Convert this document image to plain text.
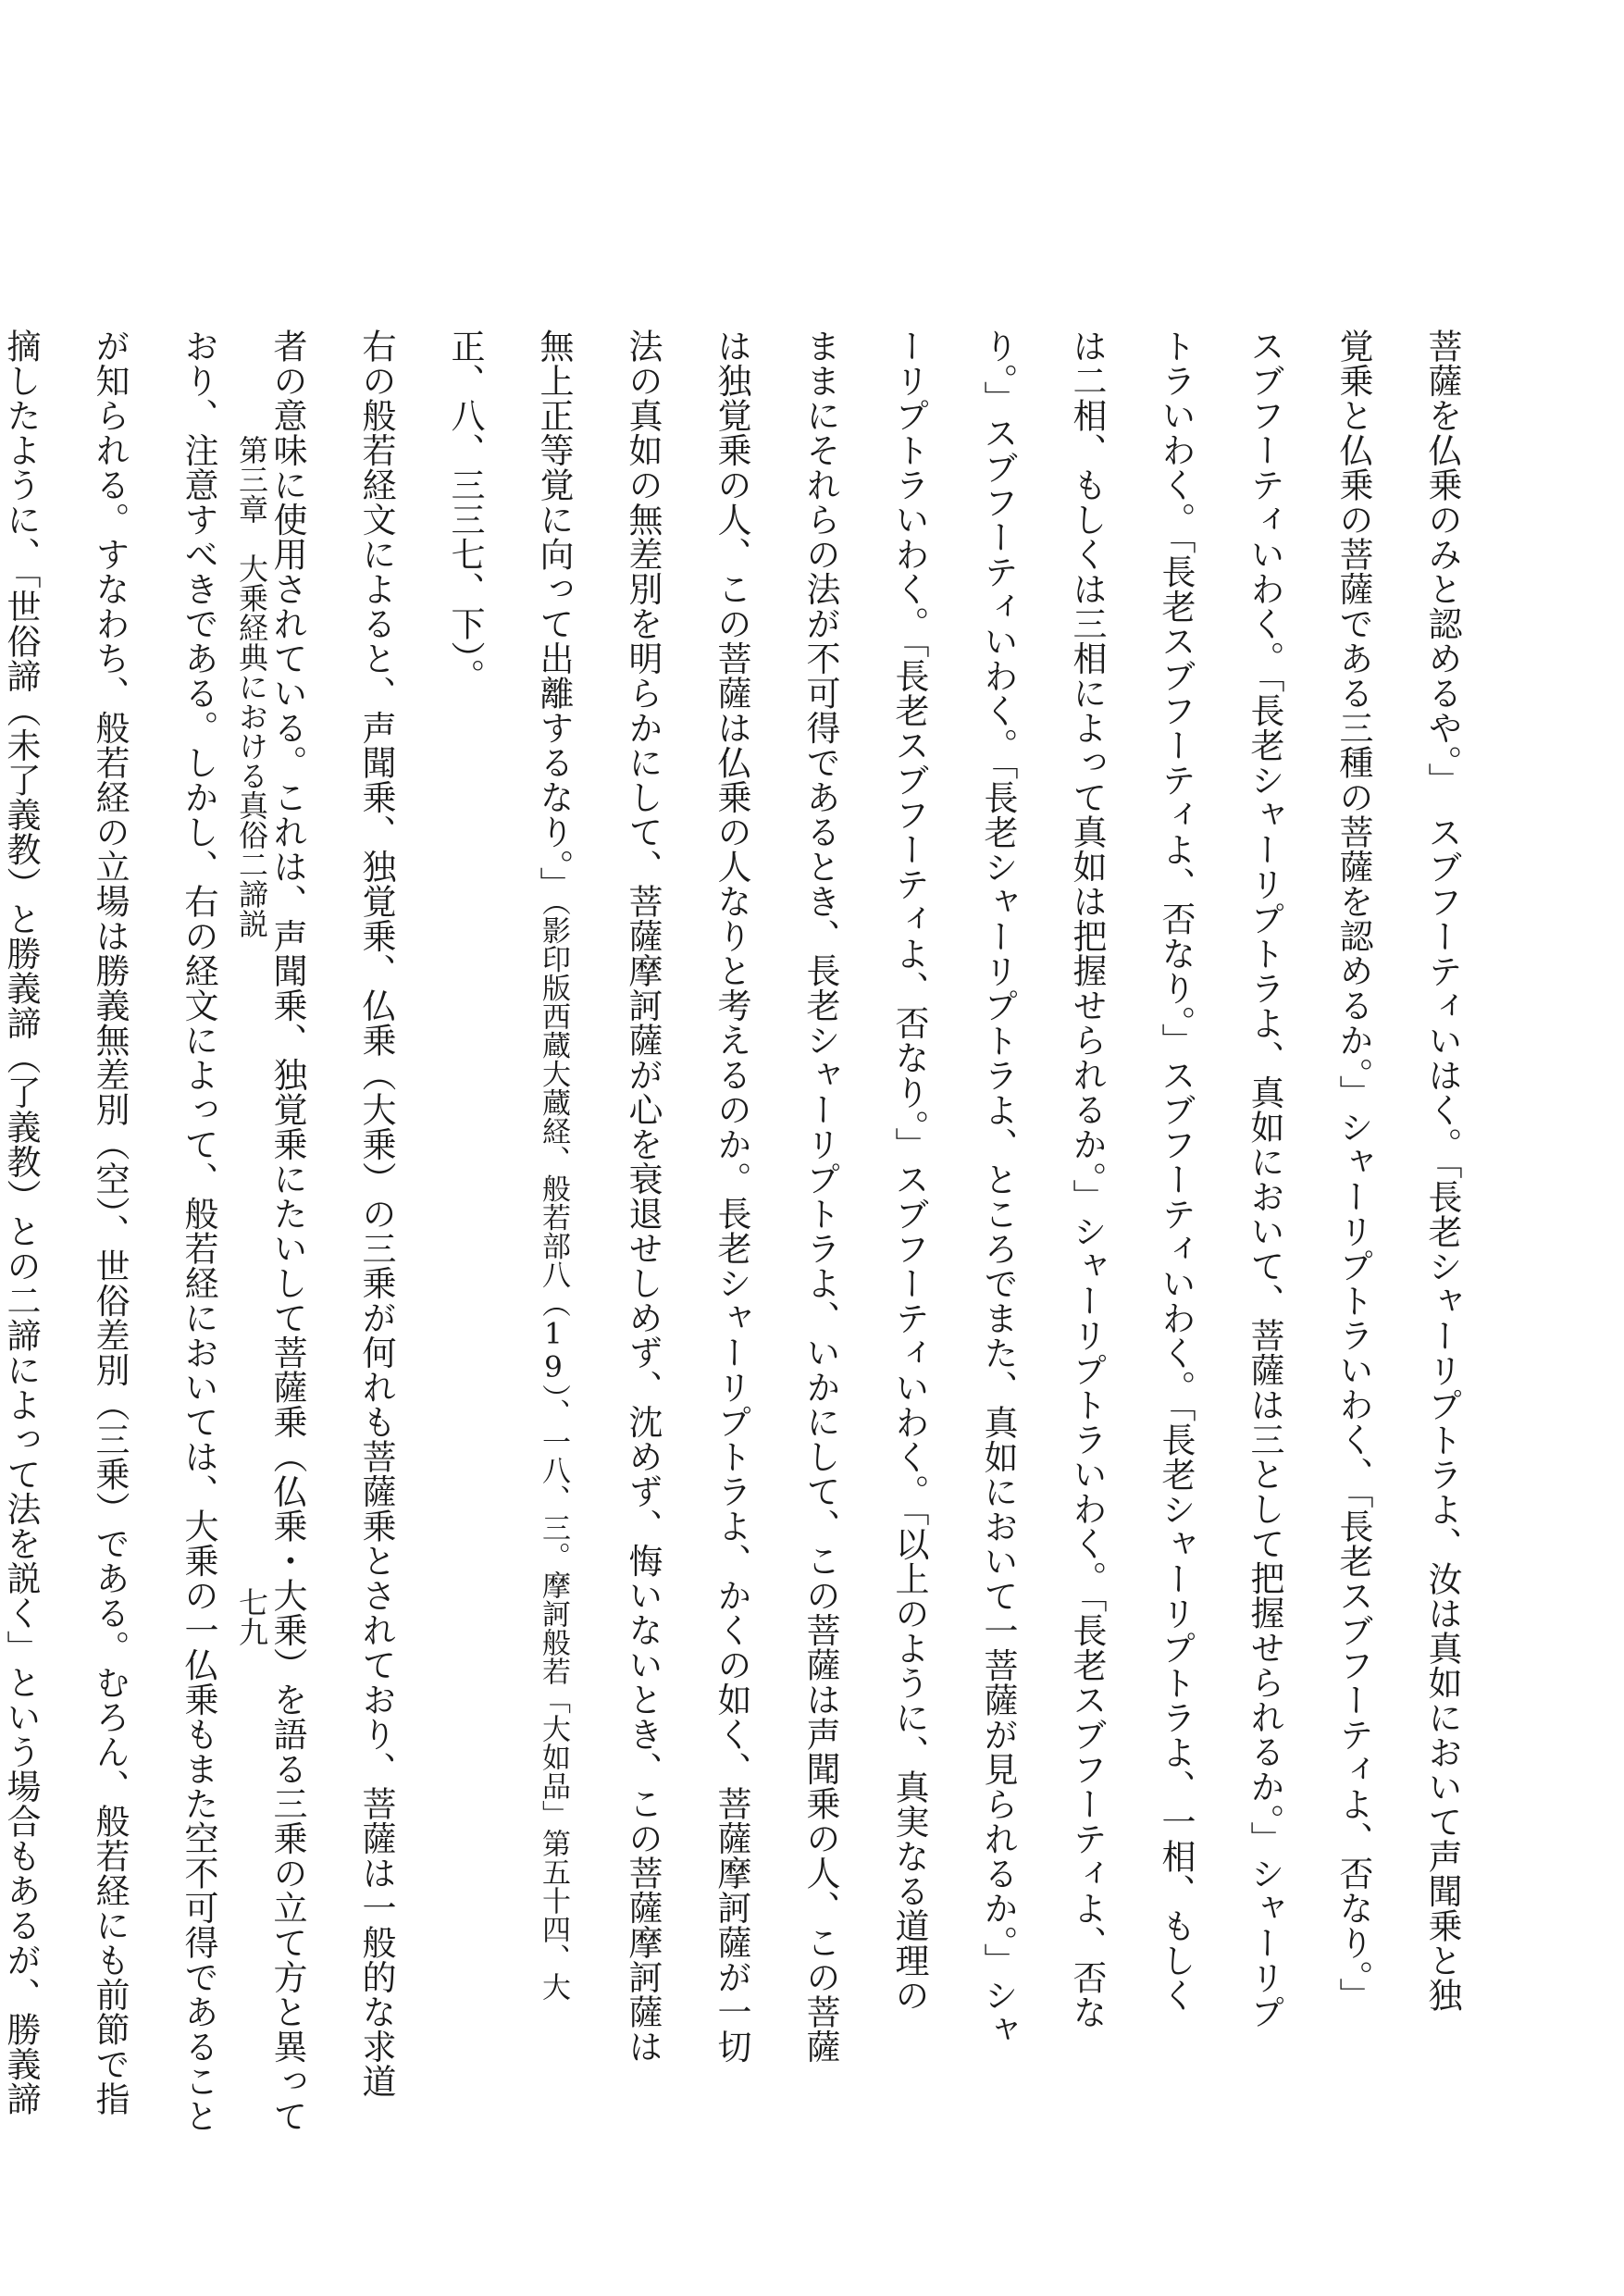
菩薩を仏乗のみと認めるや。」　スブフーティいはく。「長老シャーリプトラよ、汝は真如において声聞乗と独

覚乗と仏乗の菩薩である三種の菩薩を認めるか。」シャーリプトラいわく、「長老スブフーティよ、否なり。」

スブフーティいわく。「長老シャーリプトラよ、真如において、菩薩は三として把握せられるか。」シャーリプ

トラいわく。「長老スブフーティよ、否なり。」スブフーティいわく。「長老シャーリプトラよ、一相、もしく

は二相、もしくは三相によって真如は把握せられるか。」シャーリプトラいわく。「長老スブフーティよ、否な

り。」スブフーティいわく。「長老シャーリプトラよ、ところでまた、真如において一菩薩が見られるか。」シャ

ーリプトラいわく。「長老スブフーティよ、否なり。」スブフーティいわく。「以上のように、真実なる道理の

ままにそれらの法が不可得であるとき、長老シャーリプトラよ、いかにして、この菩薩は声聞乗の人、この菩薩

は独覚乗の人、この菩薩は仏乗の人なりと考えるのか。長老シャーリプトラよ、かくの如く、菩薩摩訶薩が一切

法の真如の無差別を明らかにして、菩薩摩訶薩が心を衰退せしめず、沈めず、悔いないとき、この菩薩摩訶薩は

無上正等覚に向って出離するなり。」（影印版西蔵大蔵経、般若部八（19）、一八、三。摩訶般若「大如品」第五十四、大

正、八、三三七、下）。

右の般若経文によると、声聞乗、独覚乗、仏乗（大乗）の三乗が何れも菩薩乗とされており、菩薩は一般的な求道

者の意味に使用されている。これは、声聞乗、独覚乗にたいして菩薩乗（仏乗・大乗）を語る三乗の立て方と異って

おり、注意すべきである。しかし、右の経文によって、般若経においては、大乗の一仏乗もまた空不可得であること

が知られる。すなわち、般若経の立場は勝義無差別（空）、世俗差別（三乗）である。むろん、般若経にも前節で指

摘したように、「世俗諦（未了義教）と勝義諦（了義教）との二諦によって法を説く」という場合もあるが、勝義諦	第三章　大乗経典における真俗二諦説
七九
